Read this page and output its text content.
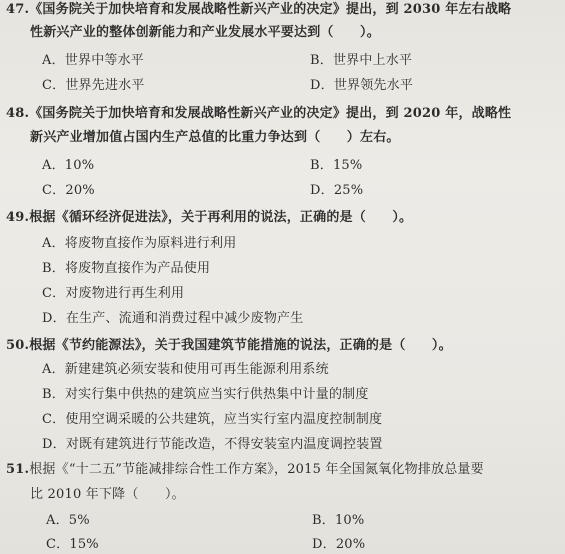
47.《国务院关于加快培育和发展战略性新兴产业的决定》提出，到 2030 年左右战略
性新兴产业的整体创新能力和产业发展水平要达到（　　）。
A．世界中等水平	B．世界中上水平
C．世界先进水平	D．世界领先水平
48.《国务院关于加快培育和发展战略性新兴产业的决定》提出，到 2020 年，战略性
新兴产业增加值占国内生产总值的比重力争达到（　　）左右。
A．10%	B．15%
C．20%	D．25%
49.根据《循环经济促进法》，关于再利用的说法，正确的是（　　）。
A．将废物直接作为原料进行利用
B．将废物直接作为产品使用
C．对废物进行再生利用
D．在生产、流通和消费过程中减少废物产生
50.根据《节约能源法》，关于我国建筑节能措施的说法，正确的是（　　）。
A．新建建筑必须安装和使用可再生能源利用系统
B．对实行集中供热的建筑应当实行供热集中计量的制度
C．使用空调采暖的公共建筑，应当实行室内温度控制制度
D．对既有建筑进行节能改造，不得安装室内温度调控装置
51.根据《“十二五”节能减排综合性工作方案》，2015 年全国氮氧化物排放总量要
比 2010 年下降（　　）。
A．5%	B．10%
C．15%	D．20%
